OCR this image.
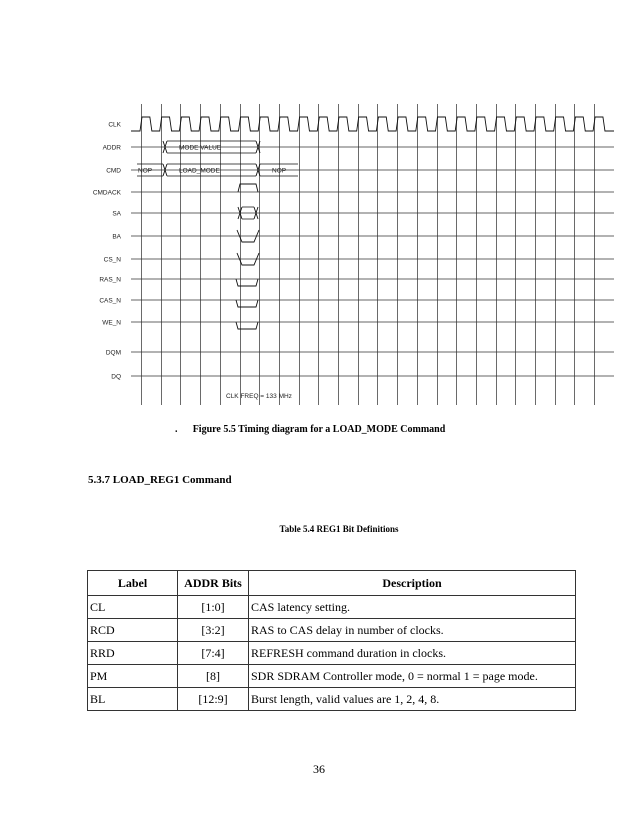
CLK
ADDR
CMD
CMDACK
SA
BA
CS_N
RAS_N
CAS_N
WE_N
DQM
DQ
MODE VALUE
NOP	LOAD_MODE	NOP
CLK FREQ = 133 MHz
.	Figure 5.5 Timing diagram for a LOAD_MODE Command
5.3.7 LOAD_REG1 Command
Table 5.4 REG1 Bit Definitions
Label	ADDR Bits	Description
CL	[1:0]	CAS latency setting.
RCD	[3:2]	RAS to CAS delay in number of clocks.
RRD	[7:4]	REFRESH command duration in clocks.
PM	[8]	SDR SDRAM Controller mode, 0 = normal 1 = page mode.
BL	[12:9]	Burst length, valid values are 1, 2, 4, 8.
36
